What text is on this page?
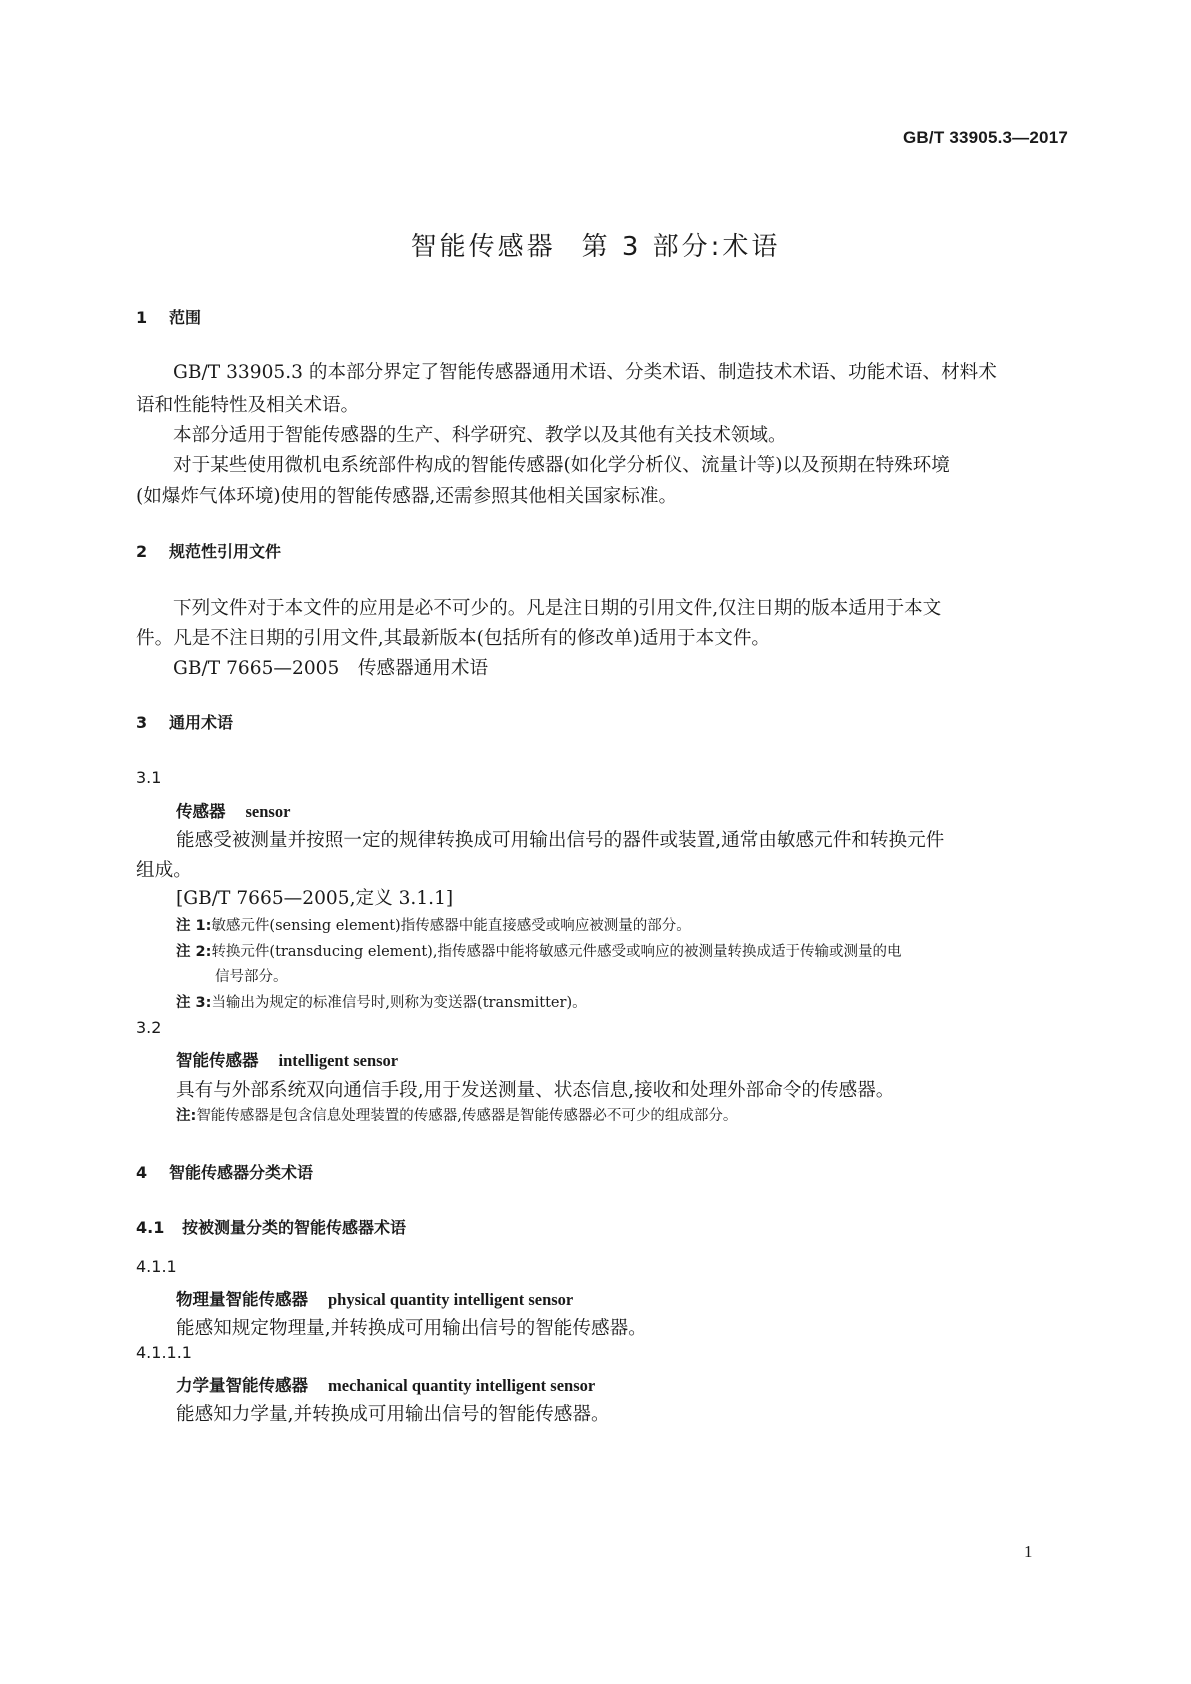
GB/T 33905.3—2017
智能传感器 第 3 部分:术语
1 范围
GB/T 33905.3 的本部分界定了智能传感器通用术语、分类术语、制造技术术语、功能术语、材料术
语和性能特性及相关术语。
本部分适用于智能传感器的生产、科学研究、教学以及其他有关技术领域。
对于某些使用微机电系统部件构成的智能传感器(如化学分析仪、流量计等)以及预期在特殊环境
(如爆炸气体环境)使用的智能传感器,还需参照其他相关国家标准。
2 规范性引用文件
下列文件对于本文件的应用是必不可少的。凡是注日期的引用文件,仅注日期的版本适用于本文
件。凡是不注日期的引用文件,其最新版本(包括所有的修改单)适用于本文件。
GB/T 7665—2005　传感器通用术语
3 通用术语
3.1
传感器 sensor
能感受被测量并按照一定的规律转换成可用输出信号的器件或装置,通常由敏感元件和转换元件
组成。
[GB/T 7665—2005,定义 3.1.1]
注 1:敏感元件(sensing element)指传感器中能直接感受或响应被测量的部分。
注 2:转换元件(transducing element),指传感器中能将敏感元件感受或响应的被测量转换成适于传输或测量的电
信号部分。
注 3:当输出为规定的标准信号时,则称为变送器(transmitter)。
3.2
智能传感器 intelligent sensor
具有与外部系统双向通信手段,用于发送测量、状态信息,接收和处理外部命令的传感器。
注:智能传感器是包含信息处理装置的传感器,传感器是智能传感器必不可少的组成部分。
4 智能传感器分类术语
4.1 按被测量分类的智能传感器术语
4.1.1
物理量智能传感器 physical quantity intelligent sensor
能感知规定物理量,并转换成可用输出信号的智能传感器。
4.1.1.1
力学量智能传感器 mechanical quantity intelligent sensor
能感知力学量,并转换成可用输出信号的智能传感器。
1
